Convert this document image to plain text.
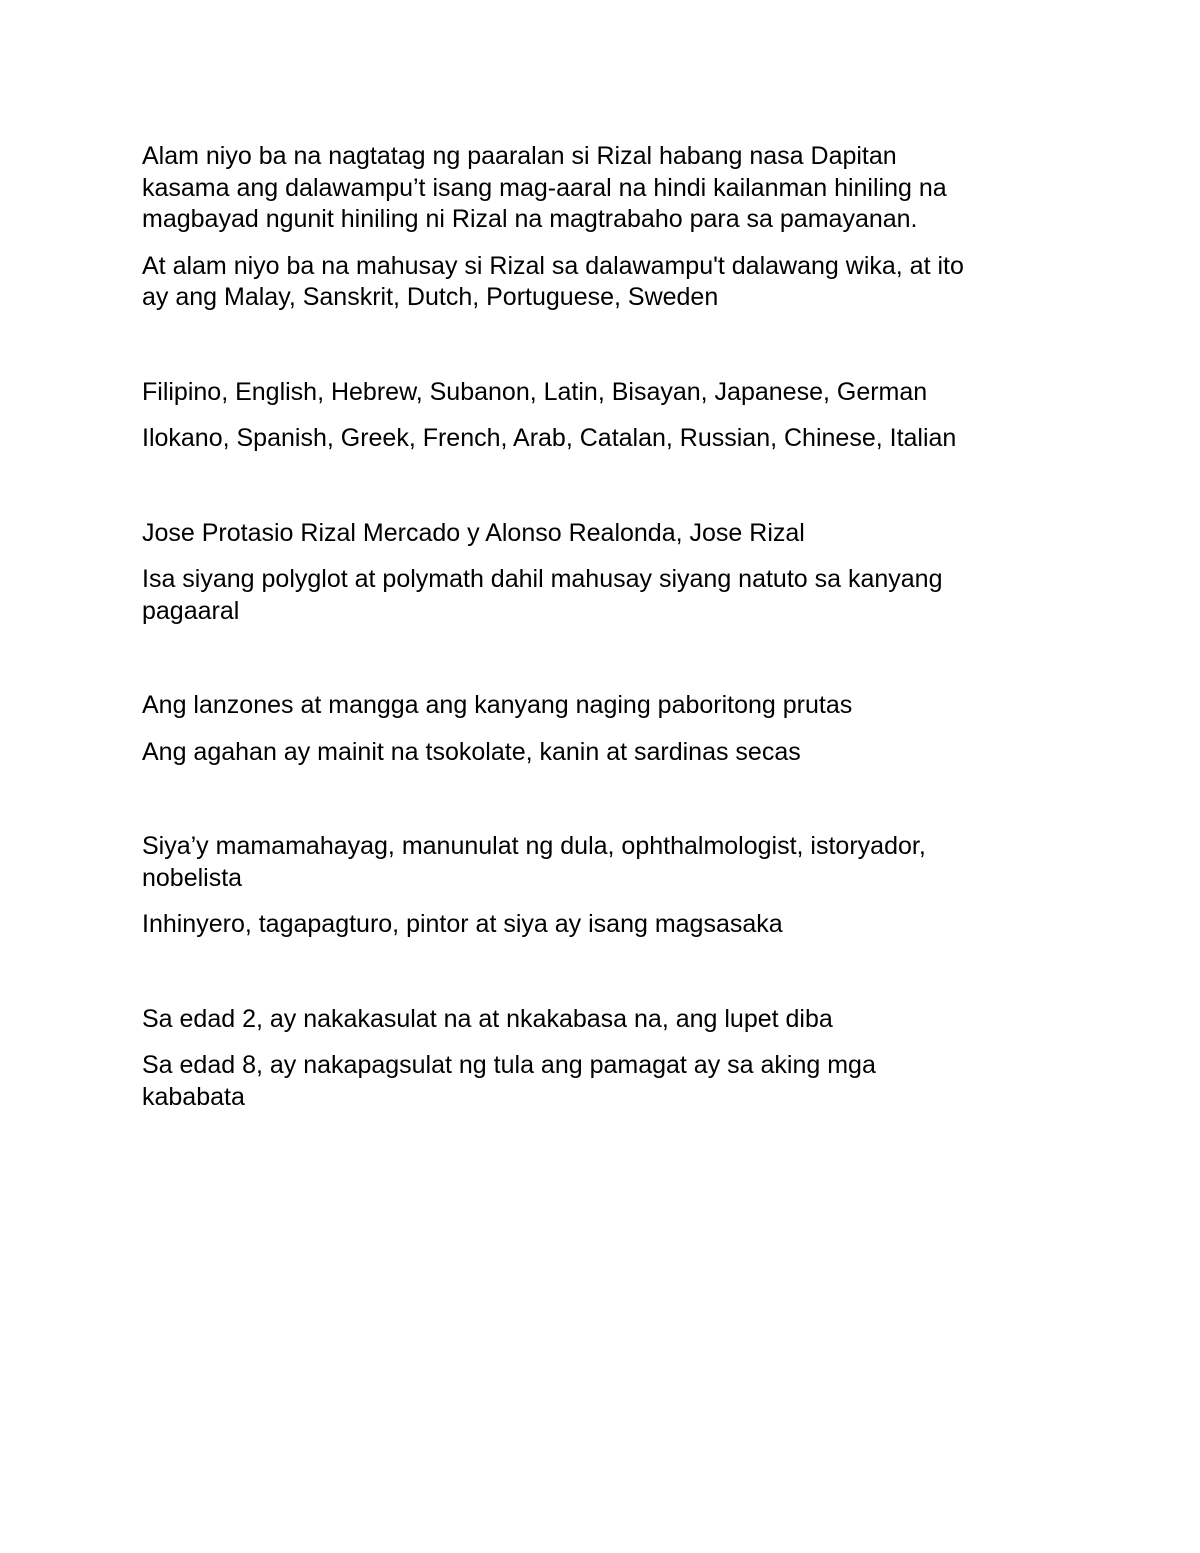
Alam niyo ba na nagtatag ng paaralan si Rizal habang nasa Dapitan
kasama ang dalawampu’t isang mag-aaral na hindi kailanman hiniling na
magbayad ngunit hiniling ni Rizal na magtrabaho para sa pamayanan.

At alam niyo ba na mahusay si Rizal sa dalawampu't dalawang wika, at ito
ay ang Malay, Sanskrit, Dutch, Portuguese, Sweden

Filipino, English, Hebrew, Subanon, Latin, Bisayan, Japanese, German

Ilokano, Spanish, Greek, French, Arab, Catalan, Russian, Chinese, Italian

Jose Protasio Rizal Mercado y Alonso Realonda, Jose Rizal

Isa siyang polyglot at polymath dahil mahusay siyang natuto sa kanyang
pagaaral

Ang lanzones at mangga ang kanyang naging paboritong prutas

Ang agahan ay mainit na tsokolate, kanin at sardinas secas

Siya’y mamamahayag, manunulat ng dula, ophthalmologist, istoryador,
nobelista

Inhinyero, tagapagturo, pintor at siya ay isang magsasaka

Sa edad 2, ay nakakasulat na at nkakabasa na, ang lupet diba

Sa edad 8, ay nakapagsulat ng tula ang pamagat ay sa aking mga
kababata
